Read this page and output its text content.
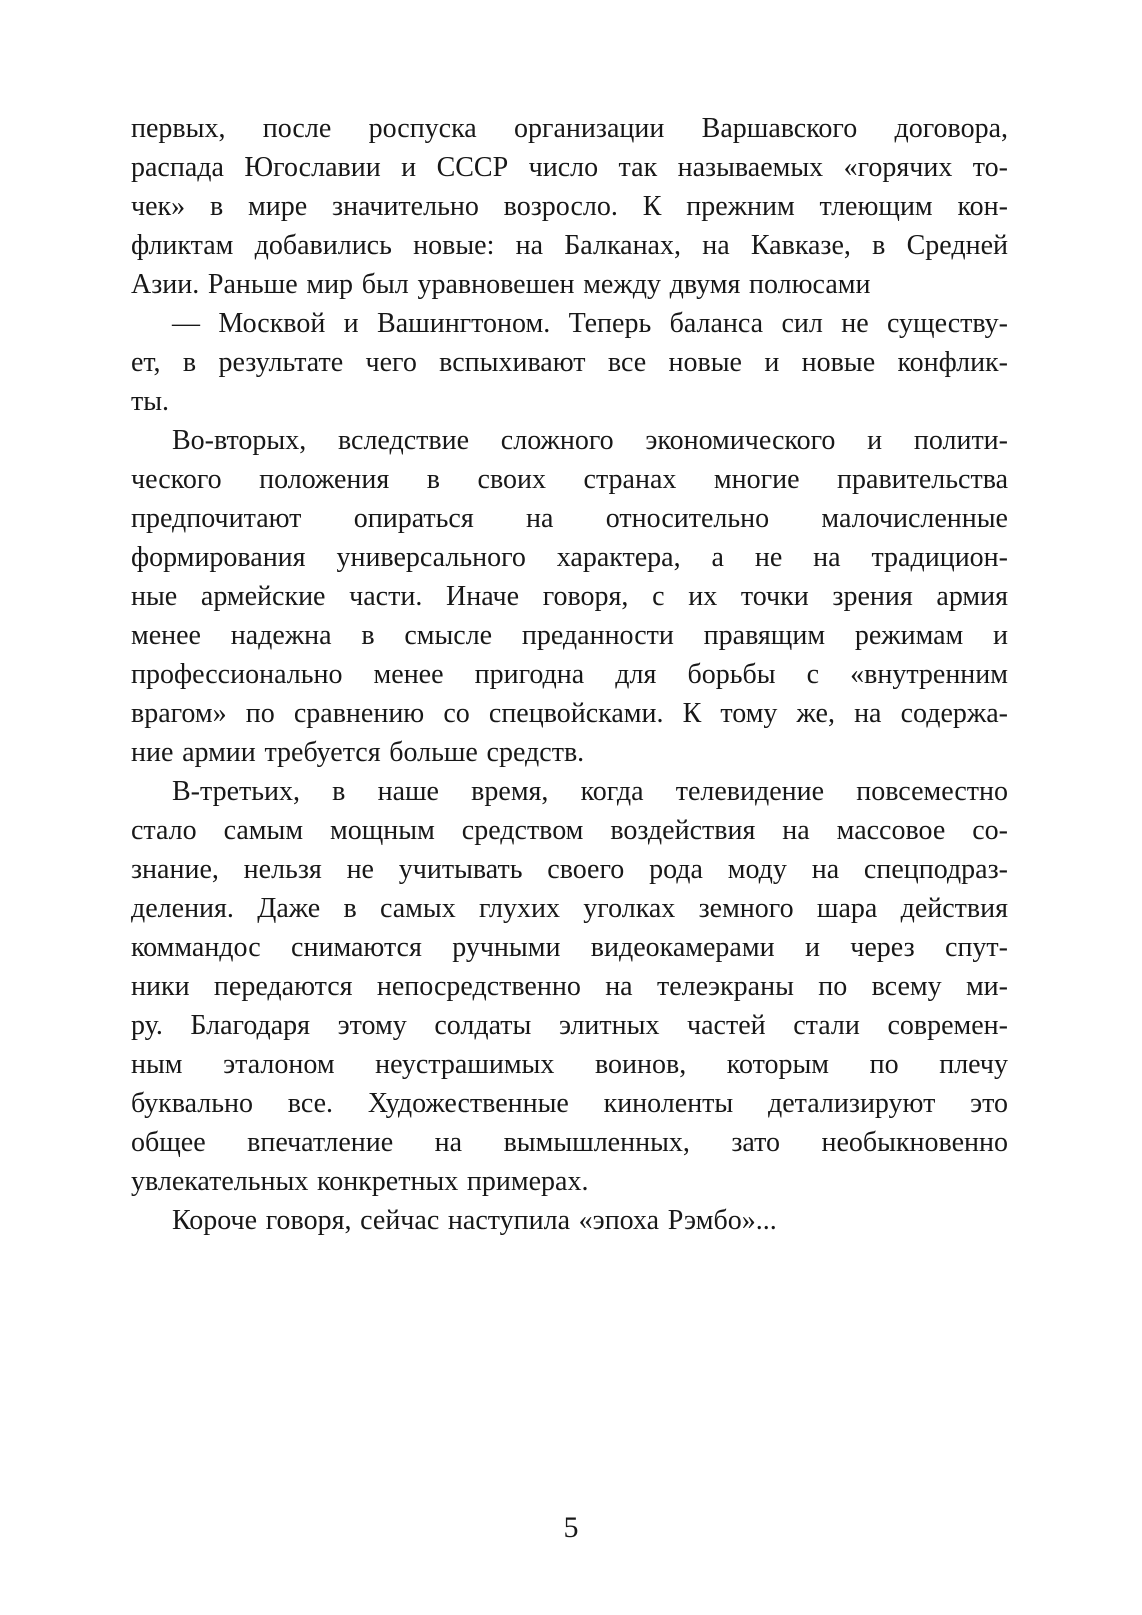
первых, после роспуска организации Варшавского договора,
распада Югославии и СССР число так называемых «горячих то-
чек» в мире значительно возросло. К прежним тлеющим кон-
фликтам добавились новые: на Балканах, на Кавказе, в Средней
Азии. Раньше мир был уравновешен между двумя полюсами
— Москвой и Вашингтоном. Теперь баланса сил не существу-
ет, в результате чего вспыхивают все новые и новые конфлик-
ты.
Во-вторых, вследствие сложного экономического и полити-
ческого положения в своих странах многие правительства
предпочитают опираться на относительно малочисленные
формирования универсального характера, а не на традицион-
ные армейские части. Иначе говоря, с их точки зрения армия
менее надежна в смысле преданности правящим режимам и
профессионально менее пригодна для борьбы с «внутренним
врагом» по сравнению со спецвойсками. К тому же, на содержа-
ние армии требуется больше средств.
В-третьих, в наше время, когда телевидение повсеместно
стало самым мощным средством воздействия на массовое со-
знание, нельзя не учитывать своего рода моду на спецподраз-
деления. Даже в самых глухих уголках земного шара действия
коммандос снимаются ручными видеокамерами и через спут-
ники передаются непосредственно на телеэкраны по всему ми-
ру. Благодаря этому солдаты элитных частей стали современ-
ным эталоном неустрашимых воинов, которым по плечу
буквально все. Художественные киноленты детализируют это
общее впечатление на вымышленных, зато необыкновенно
увлекательных конкретных примерах.
Короче говоря, сейчас наступила «эпоха Рэмбо»...
5
